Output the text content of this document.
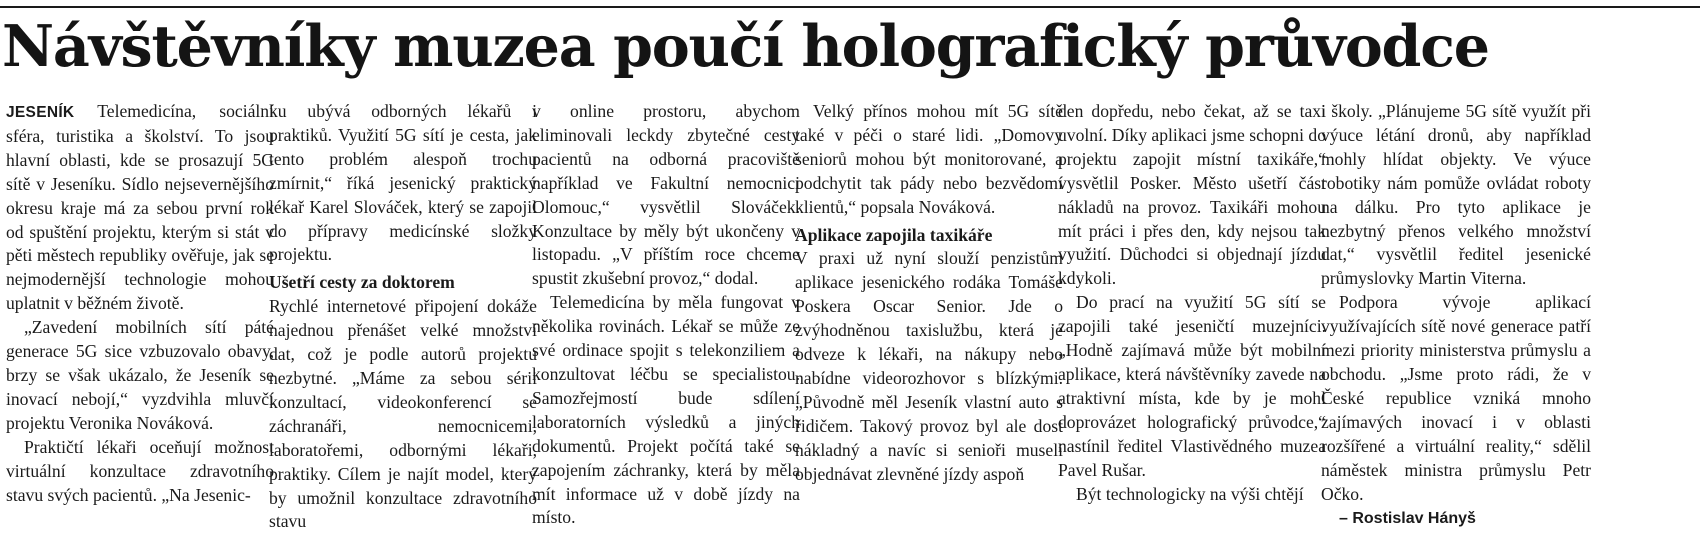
Návštěvníky muzea poučí holografický průvodce

JESENÍK Telemedicína, sociální sféra, turistika a školství. To jsou hlavní oblasti, kde se prosazují 5G sítě v Jeseníku. Sídlo nejsevernějšího okresu kraje má za sebou první rok od spuštění projektu, kterým si stát v pěti městech republiky ověřuje, jak se nejmodernější technologie mohou uplatnit v běžném životě.

„Zavedení mobilních sítí páté generace 5G sice vzbuzovalo obavy, brzy se však ukázalo, že Jeseník se inovací nebojí,“ vyzdvihla mluvčí projektu Veronika Nováková.

Praktičtí lékaři oceňují možnost virtuální konzultace zdravotního stavu svých pacientů. „Na Jesenic-

ku ubývá odborných lékařů i praktiků. Využití 5G sítí je cesta, jak tento problém alespoň trochu zmírnit,“ říká jesenický praktický lékař Karel Slováček, který se zapojil do přípravy medicínské složky projektu.

Ušetří cesty za doktorem

Rychlé internetové připojení dokáže najednou přenášet velké množství dat, což je podle autorů projektu nezbytné. „Máme za sebou sérii konzultací, videokonferencí se záchranáři, nemocnicemi, laboratořemi, odbornými lékaři, praktiky. Cílem je najít model, který by umožnil konzultace zdravotního stavu

v online prostoru, abychom eliminovali leckdy zbytečné cesty pacientů na odborná pracoviště například ve Fakultní nemocnici Olomouc,“ vysvětlil Slováček. Konzultace by měly být ukončeny v listopadu. „V příštím roce chceme spustit zkušební provoz,“ dodal.

Telemedicína by měla fungovat v několika rovinách. Lékař se může ze své ordinace spojit s telekonziliem a konzultovat léčbu se specialistou. Samozřejmostí bude sdílení laboratorních výsledků a jiných dokumentů. Projekt počítá také se zapojením záchranky, která by měla mít informace už v době jízdy na místo.

Velký přínos mohou mít 5G sítě také v péči o staré lidi. „Domovy seniorů mohou být monitorované, a podchytit tak pády nebo bezvědomí klientů,“ popsala Nováková.

Aplikace zapojila taxikáře

V praxi už nyní slouží penzistům aplikace jesenického rodáka Tomáše Poskera Oscar Senior. Jde o zvýhodněnou taxislužbu, která je odveze k lékaři, na nákupy nebo nabídne videorozhovor s blízkými. „Původně měl Jeseník vlastní auto s řidičem. Takový provoz byl ale dost nákladný a navíc si senioři museli objednávat zlevněné jízdy aspoň

den dopředu, nebo čekat, až se taxi uvolní. Díky aplikaci jsme schopni do projektu zapojit místní taxikáře,“ vysvětlil Posker. Město ušetří část nákladů na provoz. Taxikáři mohou mít práci i přes den, kdy nejsou tak využití. Důchodci si objednají jízdu kdykoli.

Do prací na využití 5G sítí se zapojili také jeseničtí muzejníci. „Hodně zajímavá může být mobilní aplikace, která návštěvníky zavede na atraktivní místa, kde by je mohl doprovázet holografický průvodce,“ nastínil ředitel Vlastivědného muzea Pavel Rušar.

Být technologicky na výši chtějí

i školy. „Plánujeme 5G sítě využít při výuce létání dronů, aby například mohly hlídat objekty. Ve výuce robotiky nám pomůže ovládat roboty na dálku. Pro tyto aplikace je nezbytný přenos velkého množství dat,“ vysvětlil ředitel jesenické průmyslovky Martin Viterna.

Podpora vývoje aplikací využívajících sítě nové generace patří mezi priority ministerstva průmyslu a obchodu. „Jsme proto rádi, že v České republice vzniká mnoho zajímavých inovací i v oblasti rozšířené a virtuální reality,“ sdělil náměstek ministra průmyslu Petr Očko.

– Rostislav Hányš
